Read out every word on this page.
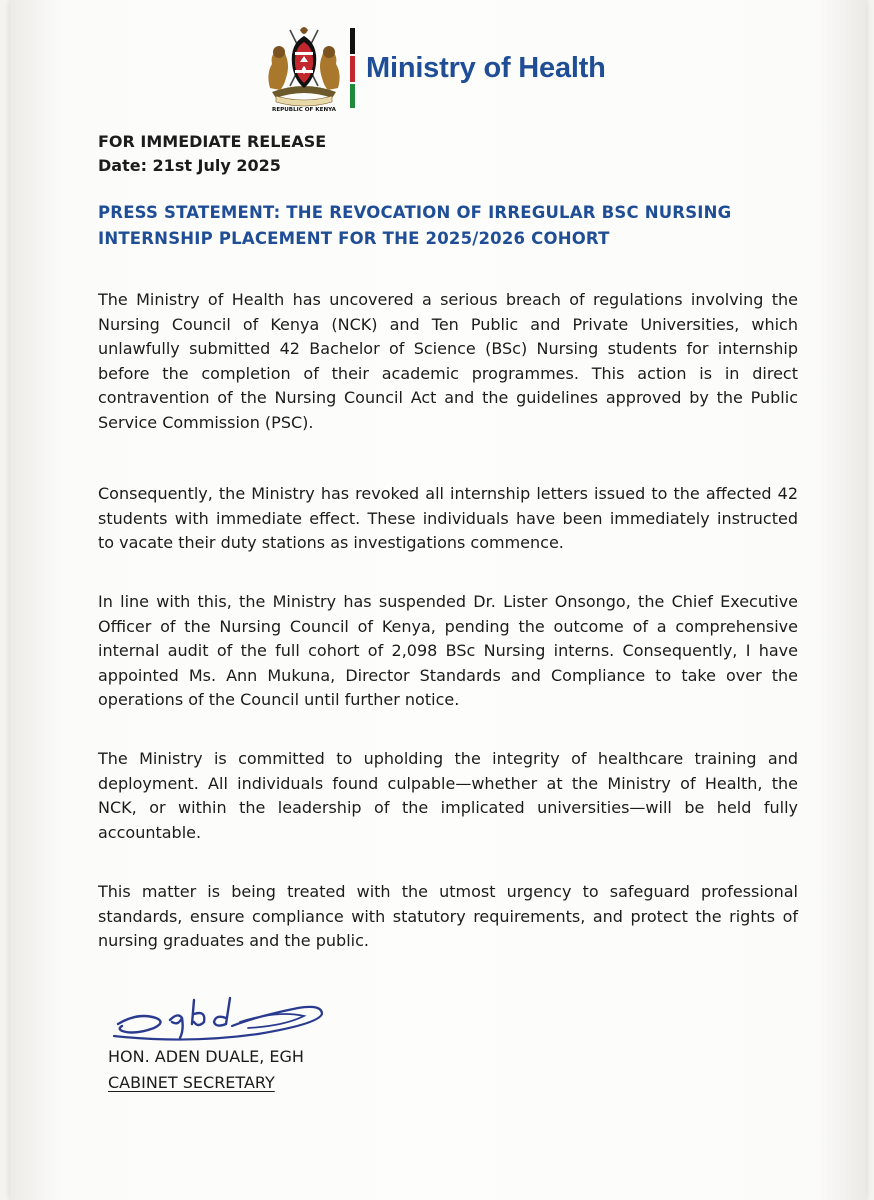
REPUBLIC OF KENYA
Ministry of Health
FOR IMMEDIATE RELEASE
Date: 21st July 2025
PRESS STATEMENT: THE REVOCATION OF IRREGULAR BSC NURSING
INTERNSHIP PLACEMENT FOR THE 2025/2026 COHORT
The Ministry of Health has uncovered a serious breach of regulations involving the Nursing Council of Kenya (NCK) and Ten Public and Private Universities, which unlawfully submitted 42 Bachelor of Science (BSc) Nursing students for internship before the completion of their academic programmes. This action is in direct contravention of the Nursing Council Act and the guidelines approved by the Public Service Commission (PSC).
Consequently, the Ministry has revoked all internship letters issued to the affected 42 students with immediate effect. These individuals have been immediately instructed to vacate their duty stations as investigations commence.
In line with this, the Ministry has suspended Dr. Lister Onsongo, the Chief Executive Officer of the Nursing Council of Kenya, pending the outcome of a comprehensive internal audit of the full cohort of 2,098 BSc Nursing interns. Consequently, I have appointed Ms. Ann Mukuna, Director Standards and Compliance to take over the operations of the Council until further notice.
The Ministry is committed to upholding the integrity of healthcare training and deployment. All individuals found culpable—whether at the Ministry of Health, the NCK, or within the leadership of the implicated universities—will be held fully accountable.
This matter is being treated with the utmost urgency to safeguard professional standards, ensure compliance with statutory requirements, and protect the rights of nursing graduates and the public.
HON. ADEN DUALE, EGH
CABINET SECRETARY
